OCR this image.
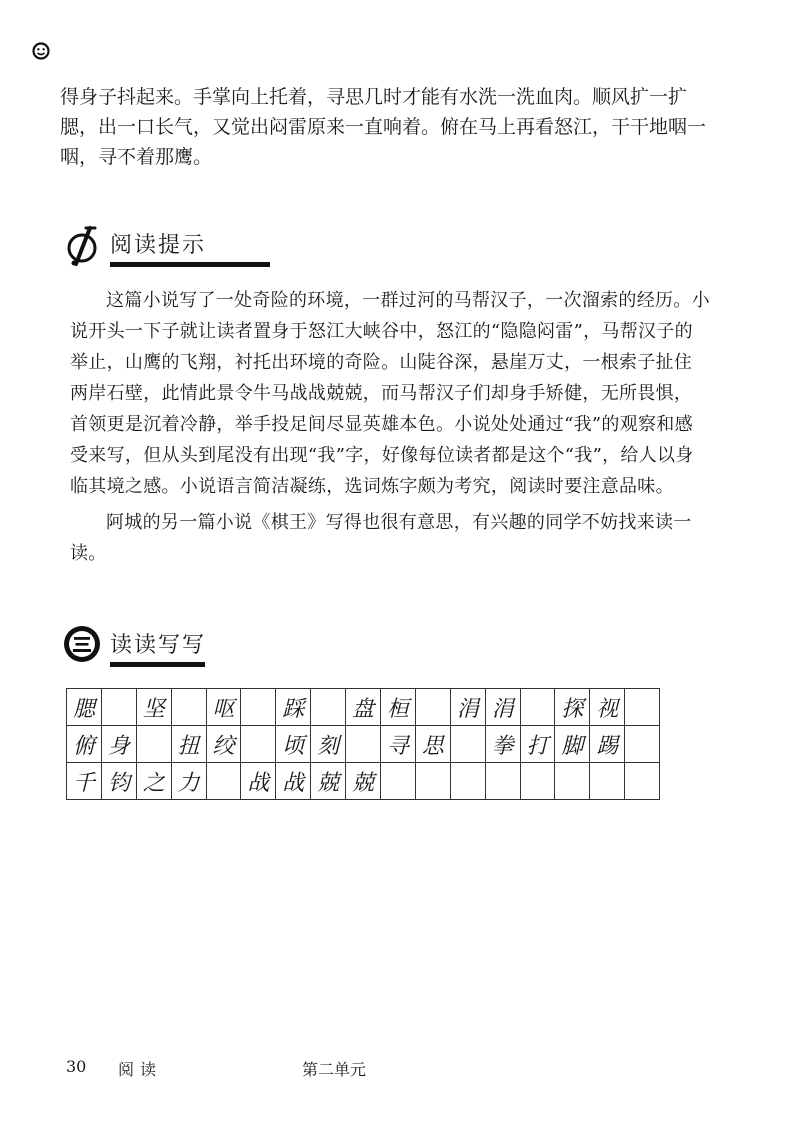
得身子抖起来。手掌向上托着，寻思几时才能有水洗一洗血肉。顺风扩一扩腮，出一口长气，又觉出闷雷原来一直响着。俯在马上再看怒江，干干地咽一咽，寻不着那鹰。

阅读提示

这篇小说写了一处奇险的环境，一群过河的马帮汉子，一次溜索的经历。小说开头一下子就让读者置身于怒江大峡谷中，怒江的“隐隐闷雷”，马帮汉子的举止，山鹰的飞翔，衬托出环境的奇险。山陡谷深，悬崖万丈，一根索子扯住两岸石壁，此情此景令牛马战战兢兢，而马帮汉子们却身手矫健，无所畏惧，首领更是沉着冷静，举手投足间尽显英雄本色。小说处处通过“我”的观察和感受来写，但从头到尾没有出现“我”字，好像每位读者都是这个“我”，给人以身临其境之感。小说语言简洁凝练，选词炼字颇为考究，阅读时要注意品味。

阿城的另一篇小说《棋王》写得也很有意思，有兴趣的同学不妨找来读一读。

读读写写
腮		坚		呕		踩		盘	桓		涓	涓		探	视	
俯	身		扭	绞		顷	刻		寻	思		拳	打	脚	踢	
千	钧	之	力		战	战	兢	兢								
30 阅读	第二单元
